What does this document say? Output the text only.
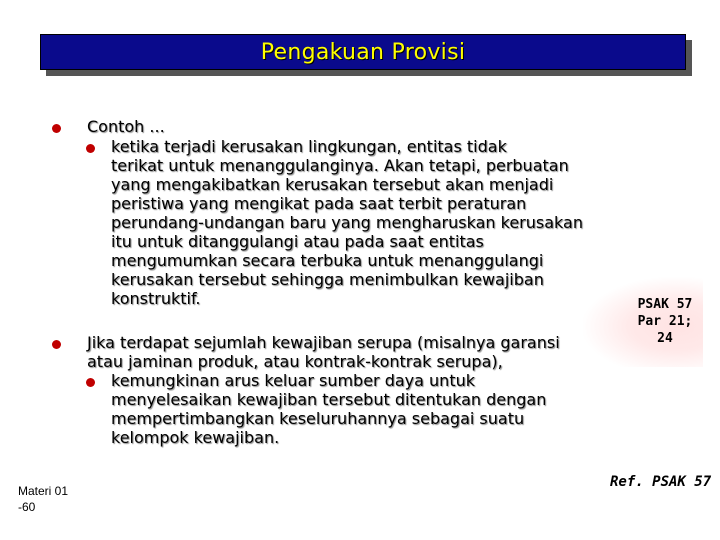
Pengakuan Provisi
Contoh ...
ketika terjadi kerusakan lingkungan, entitas tidak
terikat untuk menanggulanginya. Akan tetapi, perbuatan
yang mengakibatkan kerusakan tersebut akan menjadi
peristiwa yang mengikat pada saat terbit peraturan
perundang-undangan baru yang mengharuskan kerusakan
itu untuk ditanggulangi atau pada saat entitas
mengumumkan secara terbuka untuk menanggulangi
kerusakan tersebut sehingga menimbulkan kewajiban
konstruktif.	PSAK 57
Par 21;
24
Jika terdapat sejumlah kewajiban serupa (misalnya garansi
atau jaminan produk, atau kontrak-kontrak serupa),
kemungkinan arus keluar sumber daya untuk
menyelesaikan kewajiban tersebut ditentukan dengan
mempertimbangkan keseluruhannya sebagai suatu
kelompok kewajiban.
Ref. PSAK 57
Materi 01
-60
